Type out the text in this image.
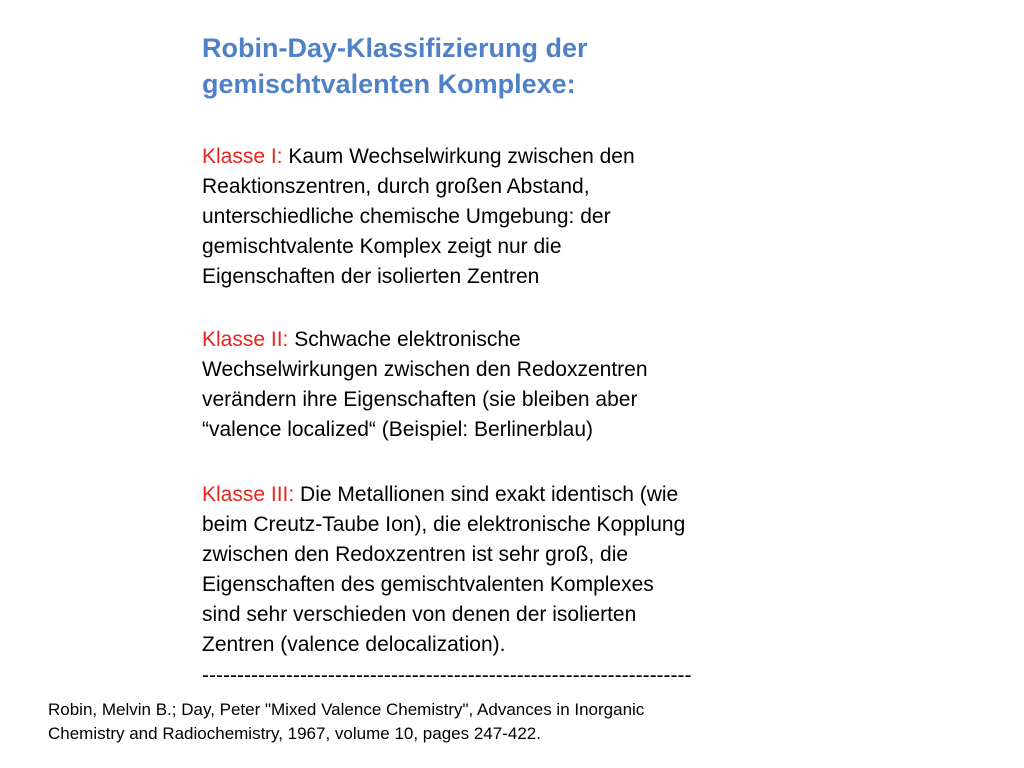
Robin-Day-Klassifizierung der
gemischtvalenten Komplexe:

Klasse I: Kaum Wechselwirkung zwischen den
Reaktionszentren, durch großen Abstand,
unterschiedliche chemische Umgebung: der
gemischtvalente Komplex zeigt nur die
Eigenschaften der isolierten Zentren

Klasse II: Schwache elektronische
Wechselwirkungen zwischen den Redoxzentren
verändern ihre Eigenschaften (sie bleiben aber
“valence localized“ (Beispiel: Berlinerblau)

Klasse III: Die Metallionen sind exakt identisch (wie
beim Creutz-Taube Ion), die elektronische Kopplung
zwischen den Redoxzentren ist sehr groß, die
Eigenschaften des gemischtvalenten Komplexes
sind sehr verschieden von denen der isolierten
Zentren (valence delocalization).

----------------------------------------------------------------------

Robin, Melvin B.; Day, Peter "Mixed Valence Chemistry", Advances in Inorganic
Chemistry and Radiochemistry, 1967, volume 10, pages 247-422.
